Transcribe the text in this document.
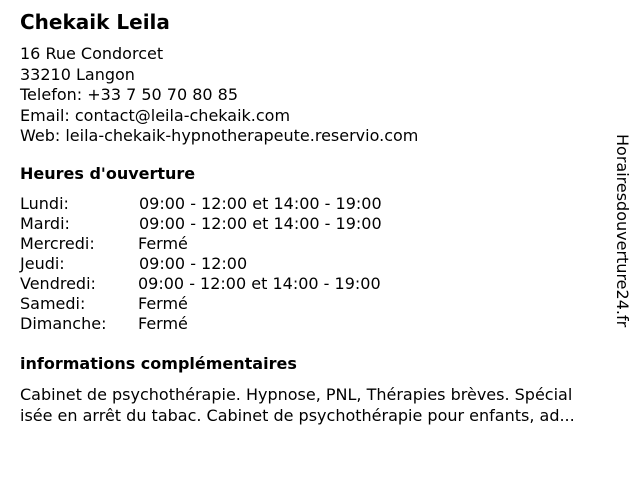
Chekaik Leila
16 Rue Condorcet
33210 Langon
Telefon: +33 7 50 70 80 85
Email: contact@leila-chekaik.com
Web: leila-chekaik-hypnotherapeute.reservio.com
Heures d'ouverture
Lundi:	09:00 - 12:00 et 14:00 - 19:00
Mardi:	09:00 - 12:00 et 14:00 - 19:00
Mercredi:	Fermé
Jeudi:	09:00 - 12:00
Vendredi:	09:00 - 12:00 et 14:00 - 19:00
Samedi:	Fermé
Dimanche: Fermé
informations complémentaires
Cabinet de psychothérapie. Hypnose, PNL, Thérapies brèves. Spécial
isée en arrêt du tabac. Cabinet de psychothérapie pour enfants, ad...
Horairesdouverture24.fr
